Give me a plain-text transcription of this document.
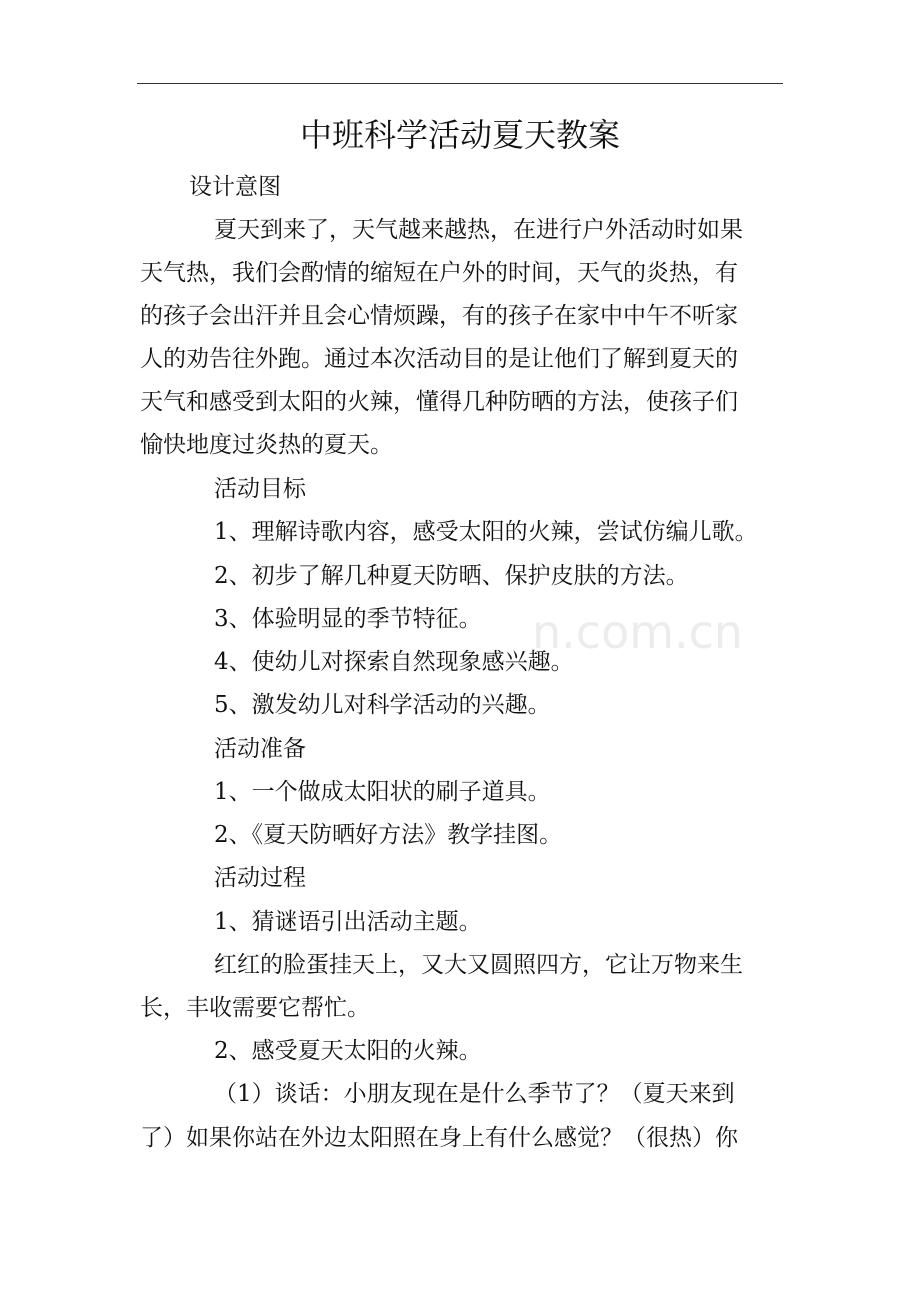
中班科学活动夏天教案
设计意图
夏天到来了，天气越来越热，在进行户外活动时如果
天气热，我们会酌情的缩短在户外的时间，天气的炎热，有
的孩子会出汗并且会心情烦躁，有的孩子在家中中午不听家
人的劝告往外跑。通过本次活动目的是让他们了解到夏天的
天气和感受到太阳的火辣，懂得几种防晒的方法，使孩子们
愉快地度过炎热的夏天。
活动目标
1、理解诗歌内容，感受太阳的火辣，尝试仿编儿歌。
2、初步了解几种夏天防晒、保护皮肤的方法。
3、体验明显的季节特征。
4、使幼儿对探索自然现象感兴趣。
5、激发幼儿对科学活动的兴趣。
活动准备
1、一个做成太阳状的刷子道具。
2、《夏天防晒好方法》教学挂图。
活动过程
1、猜谜语引出活动主题。
红红的脸蛋挂天上，又大又圆照四方，它让万物来生
长，丰收需要它帮忙。
2、感受夏天太阳的火辣。
（1）谈话：小朋友现在是什么季节了？（夏天来到
了）如果你站在外边太阳照在身上有什么感觉？（很热）你
n.com.cn
